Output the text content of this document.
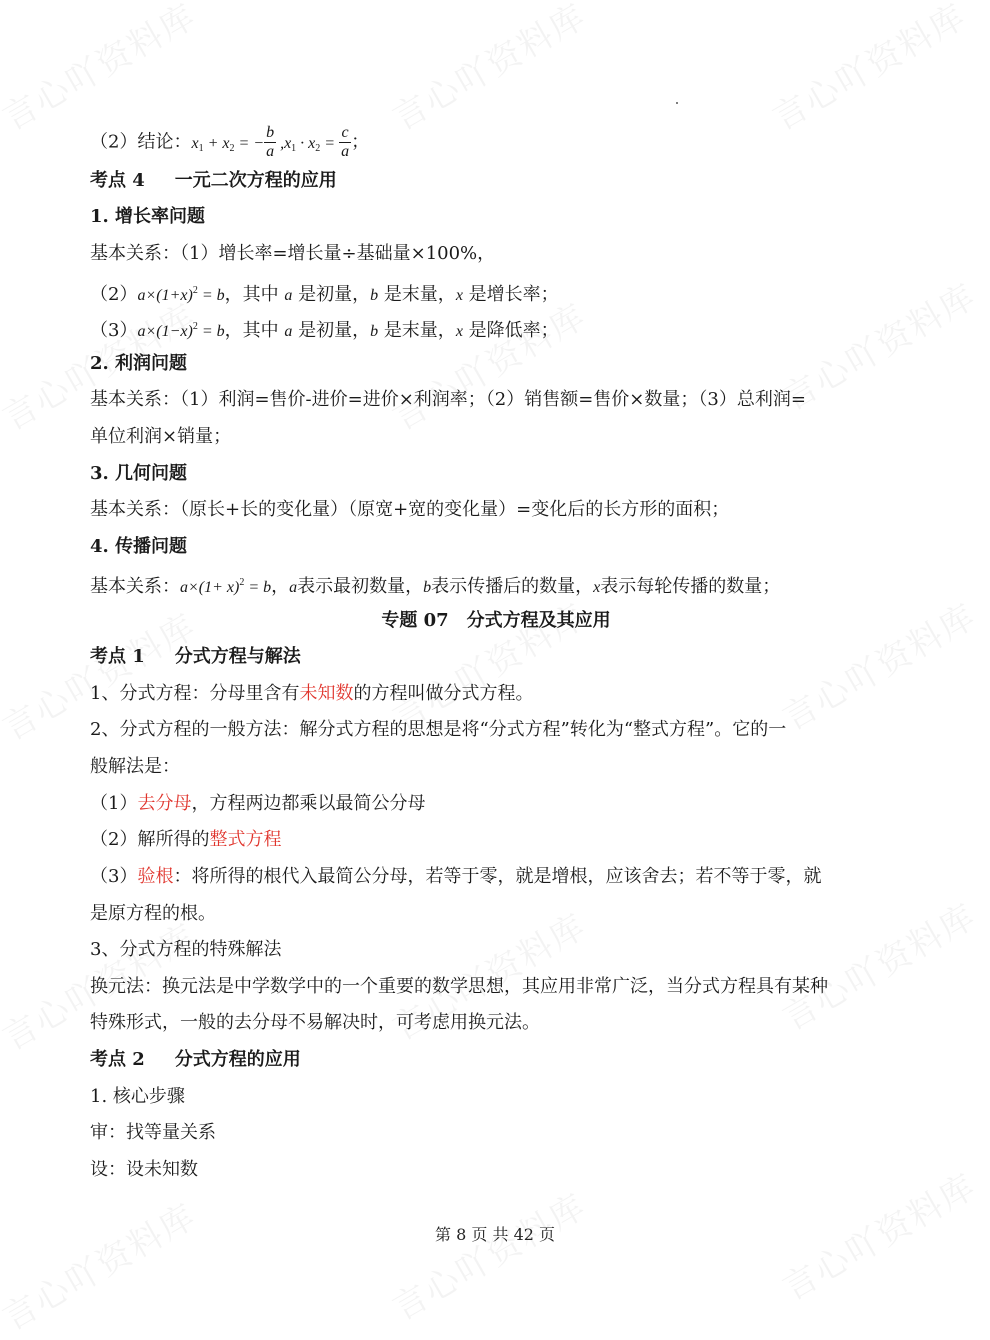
（2）结论：$x_1 + x_2$ = − $\frac{b}{a} ,x_1 \cdot x_2 = \frac{c}{a}$ ；
考点 4 一元二次方程的应用
1. 增长率问题
基本关系：（1）增长率=增长量÷基础量×100%，
$(2)a\times(1+x)^2 = b$，其中 a 是初量，b 是末量，x 是增长率；
$(3)a\times(1-x)^2 = b$，其中 a 是初量，b 是末量，x 是降低率；
2. 利润问题
基本关系：（1）利润=售价-进价=进价×利润率；（2）销售额=售价×数量；（3）总利润=
单位利润×销量；
3. 几何问题
基本关系：（原长+长的变化量）（原宽+宽的变化量）=变化后的长方形的面积；
4. 传播问题
基本关系：$a\times(1+ x)^2 = b$，a表示最初数量，b表示传播后的数量，x表示每轮传播的数量；
专题 07　分式方程及其应用
考点 1 分式方程与解法
1、分式方程：分母里含有未知数的方程叫做分式方程。
2、分式方程的一般方法：解分式方程的思想是将“分式方程”转化为“整式方程”。它的一
般解法是：
（1）去分母，方程两边都乘以最简公分母
（2）解所得的整式方程
（3）验根：将所得的根代入最简公分母，若等于零，就是增根，应该舍去；若不等于零，就
是原方程的根。
3、分式方程的特殊解法
换元法：换元法是中学数学中的一个重要的数学思想，其应用非常广泛，当分式方程具有某种
特殊形式，一般的去分母不易解决时，可考虑用换元法。
考点 2 分式方程的应用
1. 核心步骤
审：找等量关系
设：设未知数
第 8 页 共 42 页
